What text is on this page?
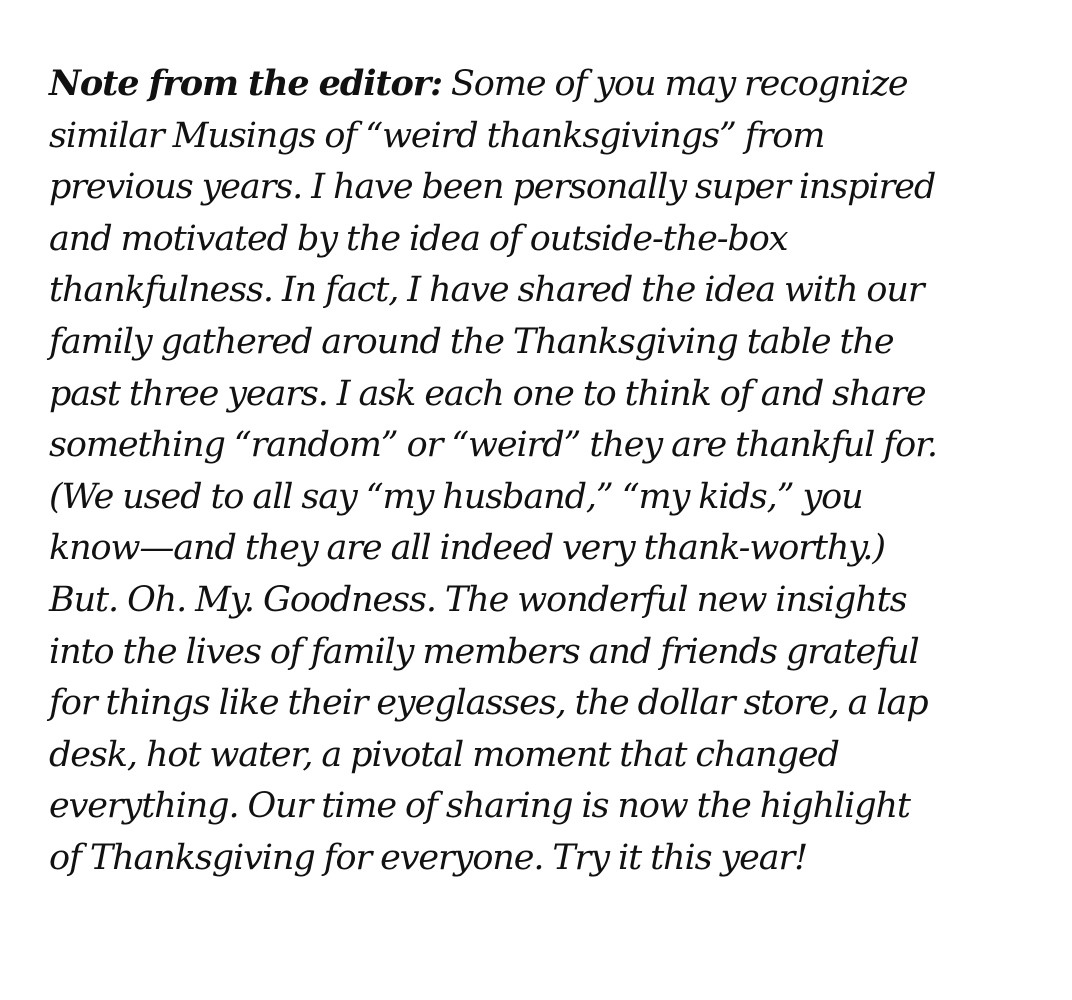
Note from the editor: Some of you may recognize
similar Musings of “weird thanksgivings” from
previous years. I have been personally super inspired
and motivated by the idea of outside-the-box
thankfulness. In fact, I have shared the idea with our
family gathered around the Thanksgiving table the
past three years. I ask each one to think of and share
something “random” or “weird” they are thankful for.
(We used to all say “my husband,” “my kids,” you
know—and they are all indeed very thank-worthy.)
But. Oh. My. Goodness. The wonderful new insights
into the lives of family members and friends grateful
for things like their eyeglasses, the dollar store, a lap
desk, hot water, a pivotal moment that changed
everything. Our time of sharing is now the highlight
of Thanksgiving for everyone. Try it this year!
